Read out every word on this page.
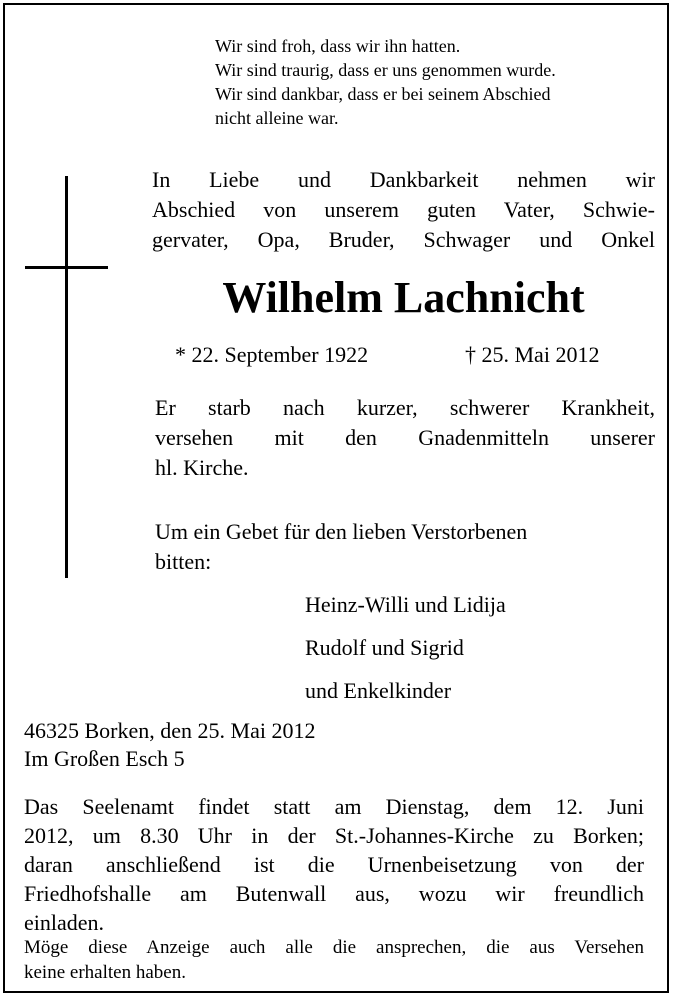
Wir sind froh, dass wir ihn hatten.
Wir sind traurig, dass er uns genommen wurde.
Wir sind dankbar, dass er bei seinem Abschied
nicht alleine war.
In Liebe und Dankbarkeit nehmen wir
Abschied von unserem guten Vater, Schwie-
gervater, Opa, Bruder, Schwager und Onkel
Wilhelm Lachnicht
* 22. September 1922	† 25. Mai 2012
Er starb nach kurzer, schwerer Krankheit,
versehen mit den Gnadenmitteln unserer
hl. Kirche.
Um ein Gebet für den lieben Verstorbenen
bitten:
Heinz-Willi und Lidija
Rudolf und Sigrid
und Enkelkinder
46325 Borken, den 25. Mai 2012
Im Großen Esch 5
Das Seelenamt findet statt am Dienstag, dem 12. Juni
2012, um 8.30 Uhr in der St.-Johannes-Kirche zu Borken;
daran anschließend ist die Urnenbeisetzung von der
Friedhofshalle am Butenwall aus, wozu wir freundlich
einladen.
Möge diese Anzeige auch alle die ansprechen, die aus Versehen
keine erhalten haben.
